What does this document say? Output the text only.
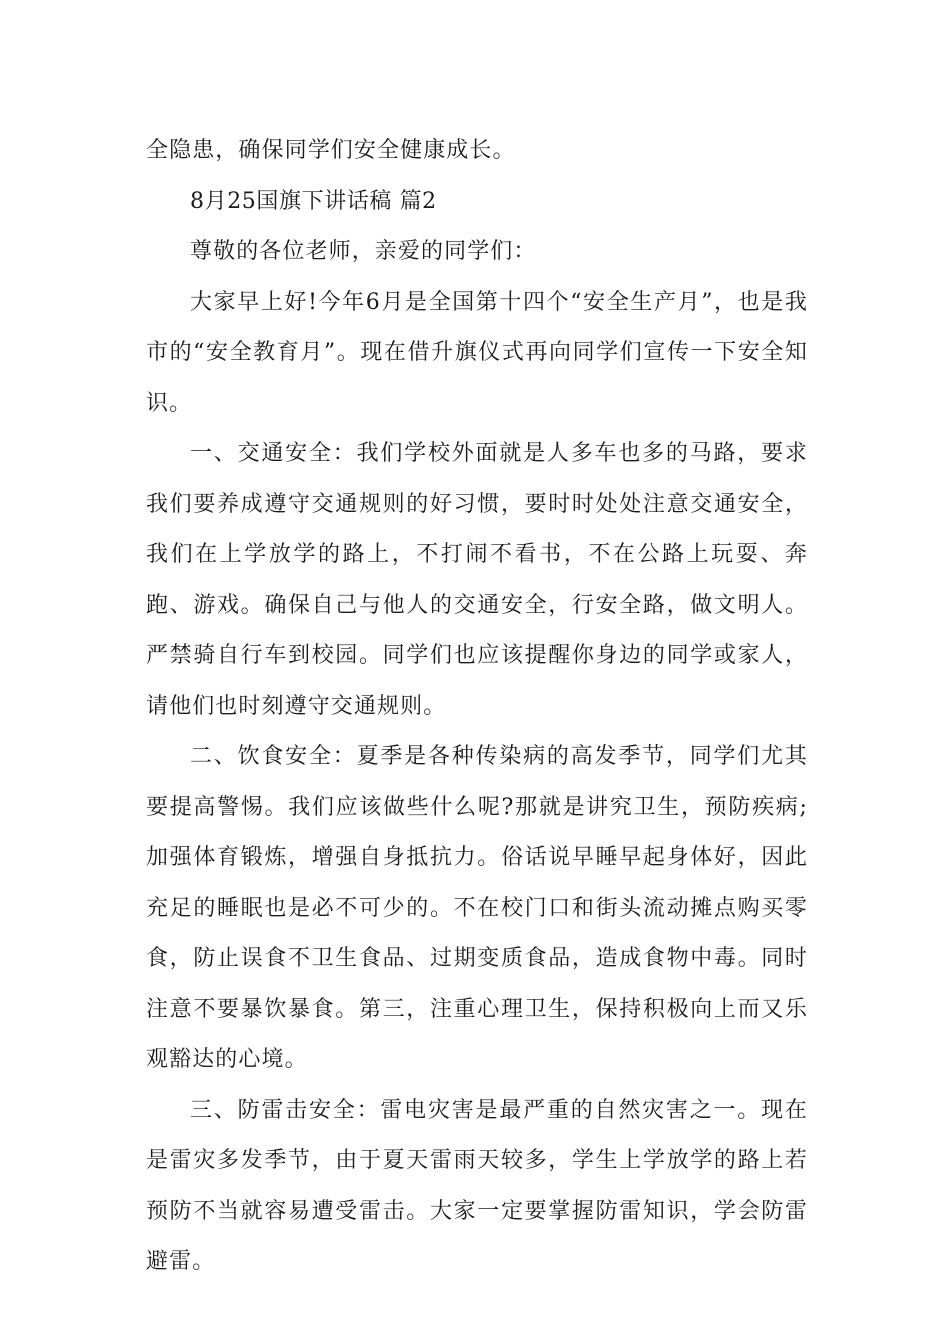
全隐患，确保同学们安全健康成长。

8月25国旗下讲话稿 篇2

尊敬的各位老师，亲爱的同学们：

大家早上好!今年6月是全国第十四个“安全生产月”，也是我市的“安全教育月”。现在借升旗仪式再向同学们宣传一下安全知识。

一、交通安全：我们学校外面就是人多车也多的马路，要求我们要养成遵守交通规则的好习惯，要时时处处注意交通安全，我们在上学放学的路上，不打闹不看书，不在公路上玩耍、奔跑、游戏。确保自己与他人的交通安全，行安全路，做文明人。严禁骑自行车到校园。同学们也应该提醒你身边的同学或家人，请他们也时刻遵守交通规则。

二、饮食安全：夏季是各种传染病的高发季节，同学们尤其要提高警惕。我们应该做些什么呢?那就是讲究卫生，预防疾病;加强体育锻炼，增强自身抵抗力。俗话说早睡早起身体好，因此充足的睡眠也是必不可少的。不在校门口和街头流动摊点购买零食，防止误食不卫生食品、过期变质食品，造成食物中毒。同时注意不要暴饮暴食。第三，注重心理卫生，保持积极向上而又乐观豁达的心境。

三、防雷击安全：雷电灾害是最严重的自然灾害之一。现在是雷灾多发季节，由于夏天雷雨天较多，学生上学放学的路上若预防不当就容易遭受雷击。大家一定要掌握防雷知识，学会防雷避雷。
